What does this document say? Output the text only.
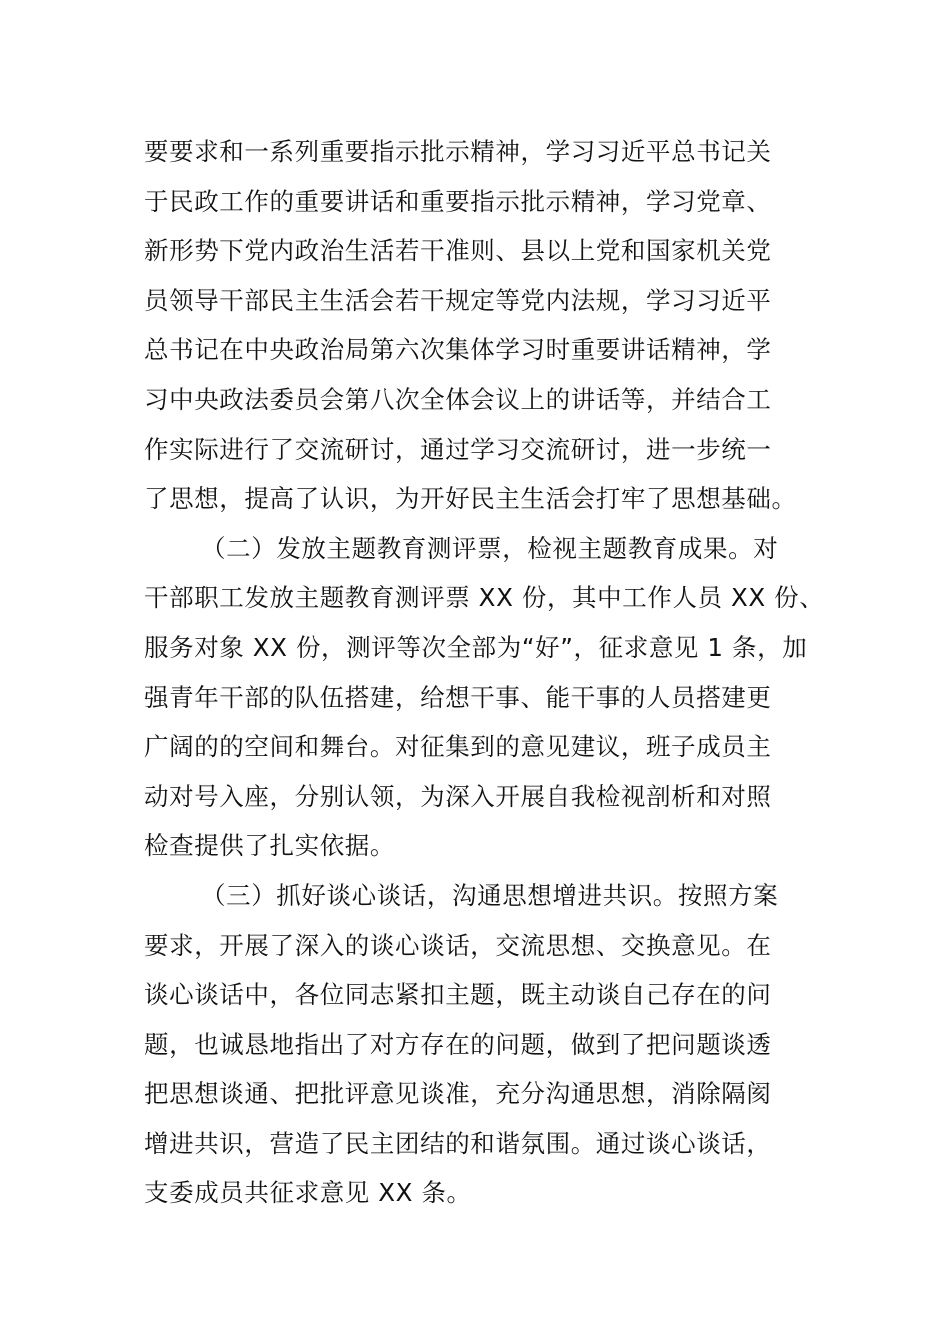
要要求和一系列重要指示批示精神，学习习近平总书记关
于民政工作的重要讲话和重要指示批示精神，学习党章、
新形势下党内政治生活若干准则、县以上党和国家机关党
员领导干部民主生活会若干规定等党内法规，学习习近平
总书记在中央政治局第六次集体学习时重要讲话精神，学
习中央政法委员会第八次全体会议上的讲话等，并结合工
作实际进行了交流研讨，通过学习交流研讨，进一步统一
了思想，提高了认识，为开好民主生活会打牢了思想基础。
（二）发放主题教育测评票，检视主题教育成果。对
干部职工发放主题教育测评票 XX 份，其中工作人员 XX 份、
服务对象 XX 份，测评等次全部为“好”，征求意见 1 条，加
强青年干部的队伍搭建，给想干事、能干事的人员搭建更
广阔的的空间和舞台。对征集到的意见建议，班子成员主
动对号入座，分别认领，为深入开展自我检视剖析和对照
检查提供了扎实依据。
（三）抓好谈心谈话，沟通思想增进共识。按照方案
要求，开展了深入的谈心谈话，交流思想、交换意见。在
谈心谈话中，各位同志紧扣主题，既主动谈自己存在的问
题，也诚恳地指出了对方存在的问题，做到了把问题谈透
把思想谈通、把批评意见谈准，充分沟通思想，消除隔阂
增进共识，营造了民主团结的和谐氛围。通过谈心谈话，
支委成员共征求意见 XX 条。
